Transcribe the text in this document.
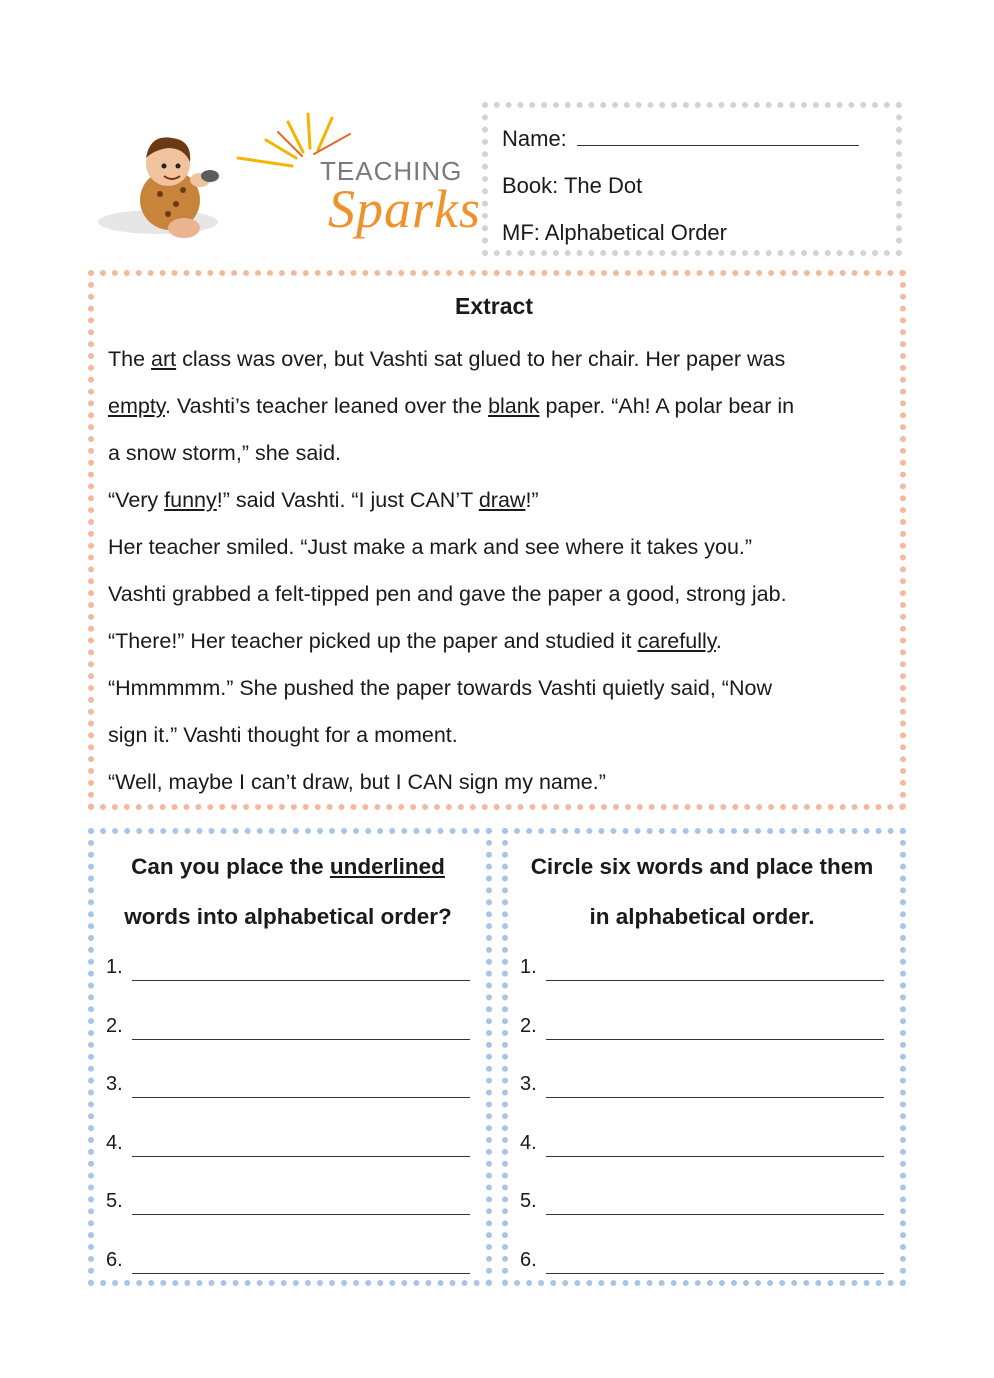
TEACHING
Sparks
Name:
Book: The Dot
MF: Alphabetical Order
Extract
The art class was over, but Vashti sat glued to her chair. Her paper was
empty. Vashti’s teacher leaned over the blank paper. “Ah! A polar bear in
a snow storm,” she said.
“Very funny!” said Vashti. “I just CAN’T draw!”
Her teacher smiled. “Just make a mark and see where it takes you.”
Vashti grabbed a felt-tipped pen and gave the paper a good, strong jab.
“There!” Her teacher picked up the paper and studied it carefully.
“Hmmmmm.” She pushed the paper towards Vashti quietly said, “Now
sign it.” Vashti thought for a moment.
“Well, maybe I can’t draw, but I CAN sign my name.”
Can you place the underlined
words into alphabetical order?
1.
2.
3.
4.
5.
6.
Circle six words and place them
in alphabetical order.
1.
2.
3.
4.
5.
6.
